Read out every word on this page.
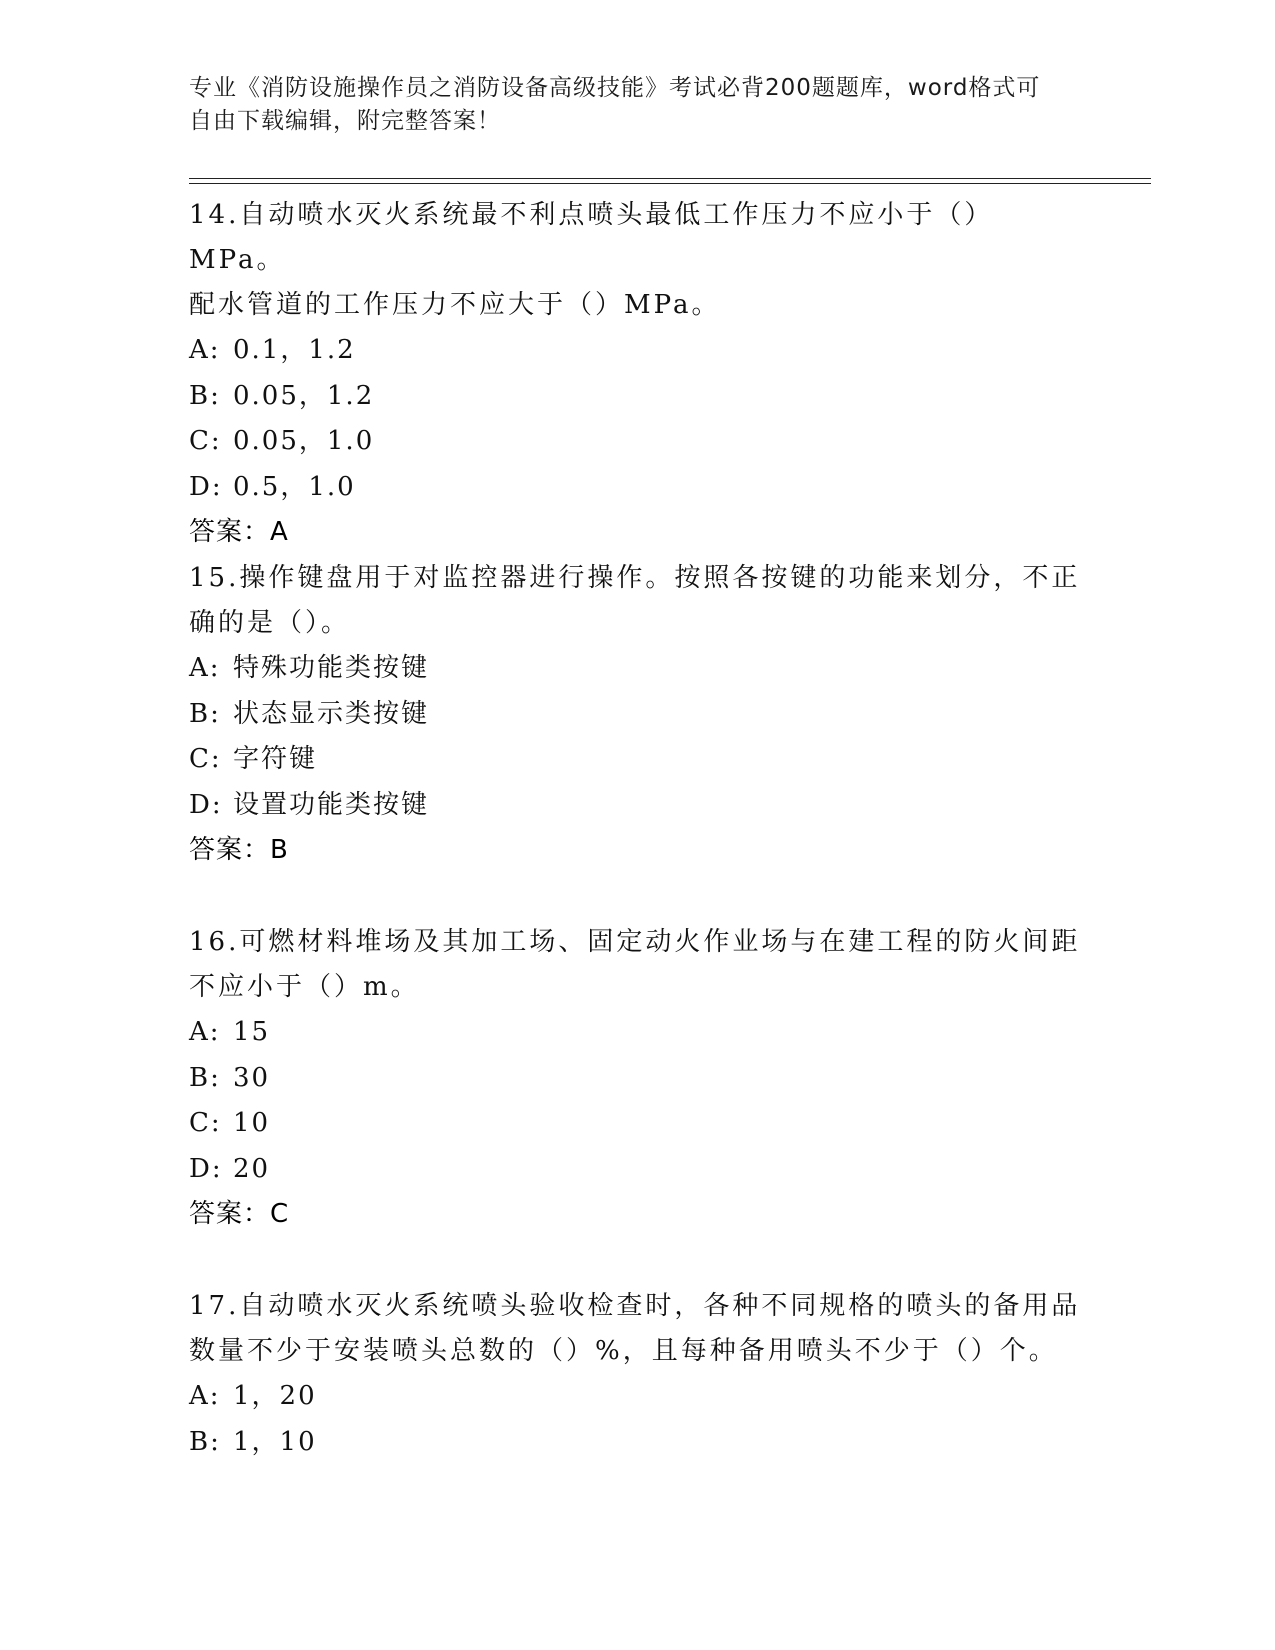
专业《消防设施操作员之消防设备高级技能》考试必背200题题库，word格式可
自由下载编辑，附完整答案！
14.自动喷水灭火系统最不利点喷头最低工作压力不应小于（）MPa。
配水管道的工作压力不应大于（）MPa。
A: 0.1，1.2
B: 0.05，1.2
C: 0.05，1.0
D: 0.5，1.0
答案：A
15.操作键盘用于对监控器进行操作。按照各按键的功能来划分，不正
确的是（）。
A: 特殊功能类按键
B: 状态显示类按键
C: 字符键
D: 设置功能类按键
答案：B
16.可燃材料堆场及其加工场、固定动火作业场与在建工程的防火间距
不应小于（）m。
A: 15
B: 30
C: 10
D: 20
答案：C
17.自动喷水灭火系统喷头验收检查时，各种不同规格的喷头的备用品
数量不少于安装喷头总数的（）%，且每种备用喷头不少于（）个。
A: 1，20
B: 1，10
